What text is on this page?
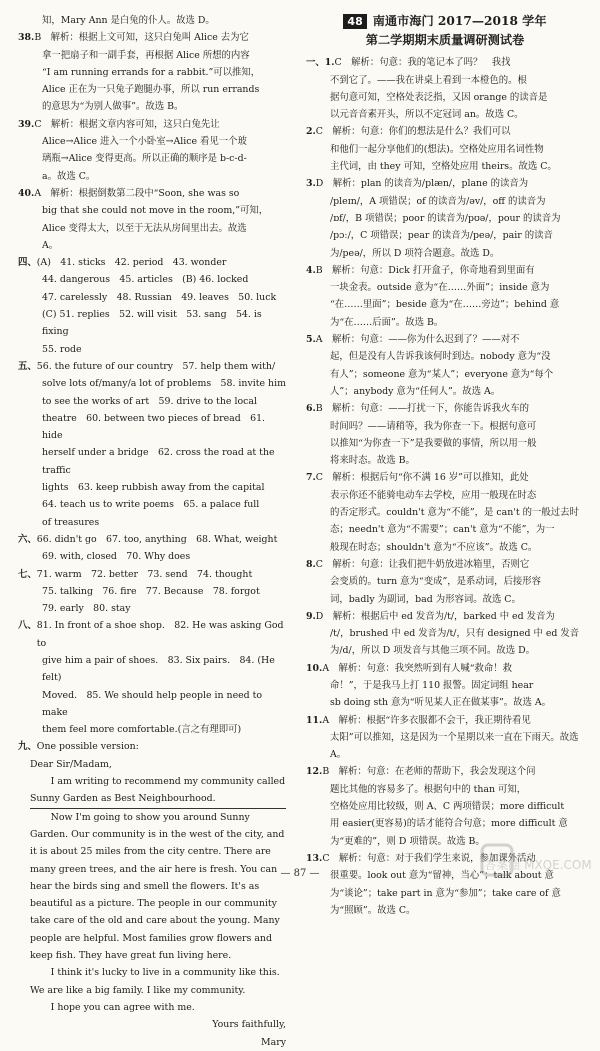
知，Mary Ann 是白兔的仆人。故选 D。
38. B　解析：根据上文可知，这只白兔叫 Alice 去为它
拿一把扇子和一副手套，再根据 Alice 所想的内容
“I am running errands for a rabbit.”可以推知，
Alice 正在为一只兔子跑腿办事，所以 run errands
的意思为“为别人做事”。故选 B。
39. C　解析：根据文章内容可知，这只白兔先让
Alice→Alice 进入一个小卧室→Alice 看见一个玻
璃瓶→Alice 变得更高。所以正确的顺序是 b-c-d-
a。故选 C。
40. A　解析：根据倒数第二段中“Soon, she was so
big that she could not move in the room,”可知，
Alice 变得太大，以至于无法从房间里出去。故选
A。
四、 (A)　41. sticks　42. period　43. wonder
44. dangerous　45. articles　(B) 46. locked
47. carelessly　48. Russian　49. leaves　50. luck
(C) 51. replies　52. will visit　53. sang　54. is fixing
55. rode
五、 56. the future of our country　57. help them with/
solve lots of/many/a lot of problems　58. invite him
to see the works of art　59. drive to the local
theatre　60. between two pieces of bread　61. hide
herself under a bridge　62. cross the road at the traffic
lights　63. keep rubbish away from the capital
64. teach us to write poems　65. a palace full
of treasures
六、 66. didn't go　67. too, anything　68. What, weight
69. with, closed　70. Why does
七、 71. warm　72. better　73. send　74. thought
75. talking　76. fire　77. Because　78. forgot
79. early　80. stay
八、 81. In front of a shoe shop.　82. He was asking God to
give him a pair of shoes.　83. Six pairs.　84. (He felt)
Moved.　85. We should help people in need to make
them feel more comfortable.(言之有理即可)
九、 One possible version:

Dear Sir/Madam,

I am writing to recommend my community called Sunny Garden as Best Neighbourhood.

Now I'm going to show you around Sunny Garden. Our community is in the west of the city, and it is about 25 miles from the city centre. There are many green trees, and the air here is fresh. You can hear the birds sing and smell the flowers. It's as beautiful as a picture. The people in our community take care of the old and care about the young. Many people are helpful. Most families grow flowers and keep fish. They have great fun living here.

I think it's lucky to live in a community like this. We are like a big family. I like my community.

I hope you can agree with me.

Yours faithfully,

Mary

48 南通市海门 2017—2018 学年
第二学期期末质量调研测试卷
一、1. C　解析：句意：我的笔记本了吗？　我找
不到它了。——我在讲桌上看到一本橙色的。根
据句意可知，空格处表泛指，又因 orange 的读音是
以元音音素开头，所以不定冠词 an。故选 C。
2. C　解析：句意：你们的想法是什么？我们可以
和他们一起分享他们的(想法)。空格处应用名词性物
主代词，由 they 可知，空格处应用 theirs。故选 C。
3. D　解析：plan 的读音为/plæn/，plane 的读音为
/pleɪn/，A 项错误；of 的读音为/əv/，off 的读音为
/ɒf/，B 项错误；poor 的读音为/pʊə/，pour 的读音为
/pɔː/，C 项错误；pear 的读音为/peə/，pair 的读音
为/peə/，所以 D 项符合题意。故选 D。
4. B　解析：句意：Dick 打开盒子，你奇地看到里面有
一块金表。outside 意为“在……外面”；inside 意为
“在……里面”；beside 意为“在……旁边”；behind 意
为“在……后面”。故选 B。
5. A　解析：句意：——你为什么迟到了？——对不
起，但是没有人告诉我该何时到达。nobody 意为“没
有人”；someone 意为“某人”；everyone 意为“每个
人”；anybody 意为“任何人”。故选 A。
6. B　解析：句意：——打扰一下，你能告诉我火车的
时间吗？——请稍等，我为你查一下。根据句意可
以推知“为你查一下”是我要做的事情，所以用一般
将来时态。故选 B。
7. C　解析：根据后句“你不满 16 岁”可以推知，此处
表示你还不能骑电动车去学校，应用一般现在时态
的否定形式。couldn't 意为“不能”，是 can't 的一般过去时
态；needn't 意为“不需要”；can't 意为“不能”，为一
般现在时态；shouldn't 意为“不应该”。故选 C。
8. C　解析：句意：让我们把牛奶放进冰箱里，否则它
会变质的。turn 意为“变成”，是系动词，后接形容
词，badly 为副词，bad 为形容词。故选 C。
9. D　解析：根据后中 ed 发音为/t/，barked 中 ed 发音为
/t/，brushed 中 ed 发音为/t/，只有 designed 中 ed 发音
为/d/，所以 D 项发音与其他三项不同。故选 D。
10. A　解析：句意：我突然听到有人喊“救命！救
命！”，于是我马上打 110 报警。固定词组 hear
sb doing sth 意为“听见某人正在做某事”。故选 A。
11. A　解析：根据“许多衣服都不会干，我正期待看见
太阳”可以推知，这是因为一个星期以来一直在下雨天。故选 A。
12. B　解析：句意：在老师的帮助下，我会发现这个问
题比其他的容易多了。根据句中的 than 可知，
空格处应用比较级，则 A、C 两项错误；more difficult
用 easier(更容易)的话才能符合句意；more difficult 意
为“更难的”，则 D 项错误。故选 B。
13. C　解析：句意：对于我们学生来说，参加课外活动
很重要。look out 意为“留神，当心”；talk about 意
为“谈论”；take part in 意为“参加”；take care of 意
为“照顾”。故选 C。
— 87 —
答案圈 MXQE.COM
